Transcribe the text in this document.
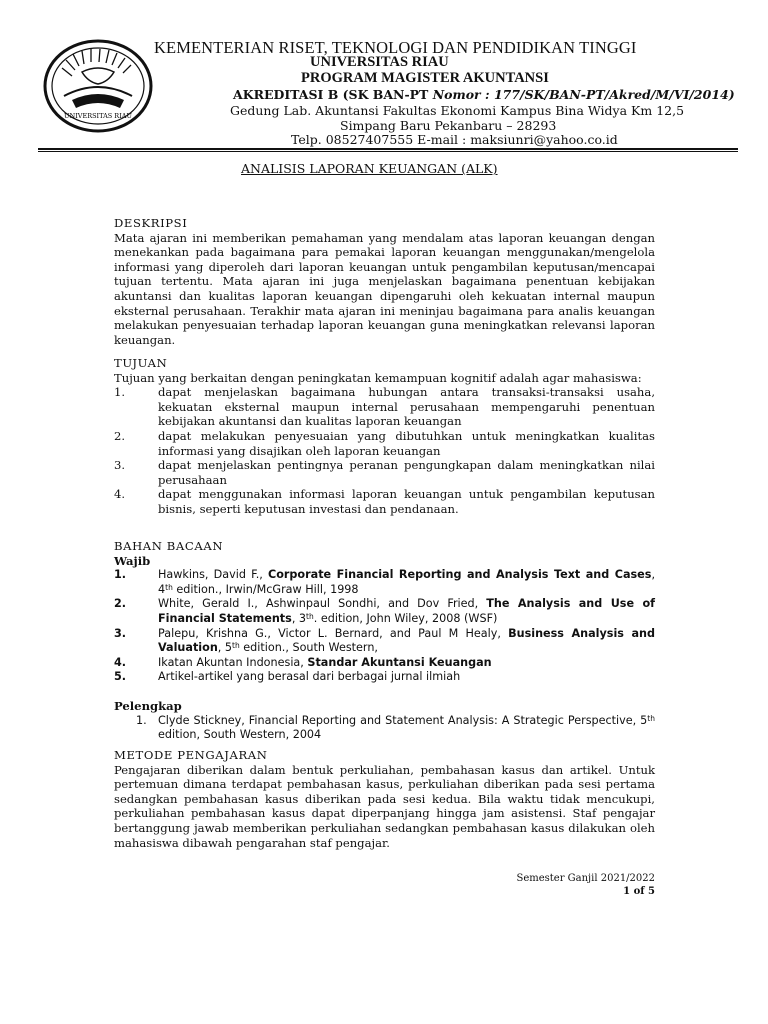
UNIVERSITAS RIAU
KEMENTERIAN RISET, TEKNOLOGI DAN PENDIDIKAN TINGGI
UNIVERSITAS RIAU
PROGRAM MAGISTER AKUNTANSI
AKREDITASI B (SK BAN-PT Nomor : 177/SK/BAN-PT/Akred/M/VI/2014)
Gedung Lab. Akuntansi Fakultas Ekonomi Kampus Bina Widya Km 12,5
Simpang Baru Pekanbaru – 28293
Telp. 08527407555 E-mail : maksiunri@yahoo.co.id
ANALISIS LAPORAN KEUANGAN (ALK)
DESKRIPSI
Mata ajaran ini memberikan pemahaman yang mendalam atas laporan keuangan dengan menekankan pada bagaimana para pemakai laporan keuangan menggunakan/mengelola informasi yang diperoleh dari laporan keuangan untuk pengambilan keputusan/mencapai tujuan tertentu. Mata ajaran ini juga menjelaskan bagaimana penentuan kebijakan akuntansi dan kualitas laporan keuangan dipengaruhi oleh kekuatan internal maupun eksternal perusahaan. Terakhir mata ajaran ini meninjau bagaimana para analis keuangan melakukan penyesuaian terhadap laporan keuangan guna meningkatkan relevansi laporan keuangan.
TUJUAN
Tujuan yang berkaitan dengan peningkatan kemampuan kognitif adalah agar mahasiswa:
1.	dapat menjelaskan bagaimana hubungan antara transaksi-transaksi usaha, kekuatan eksternal maupun internal perusahaan mempengaruhi penentuan kebijakan akuntansi dan kualitas laporan keuangan
2.	dapat melakukan penyesuaian yang dibutuhkan untuk meningkatkan kualitas informasi yang disajikan oleh laporan keuangan
3.	dapat menjelaskan pentingnya peranan pengungkapan dalam meningkatkan nilai perusahaan
4.	dapat menggunakan informasi laporan keuangan untuk pengambilan keputusan bisnis, seperti keputusan investasi dan pendanaan.
BAHAN BACAAN
Wajib
1.	Hawkins, David F., Corporate Financial Reporting and Analysis Text and Cases, 4th edition., Irwin/McGraw Hill, 1998
2.	White, Gerald I., Ashwinpaul Sondhi, and Dov Fried, The Analysis and Use of Financial Statements, 3th. edition, John Wiley, 2008 (WSF)
3.	Palepu, Krishna G., Victor L. Bernard, and Paul M Healy, Business Analysis and Valuation, 5th edition., South Western,
4.	Ikatan Akuntan Indonesia, Standar Akuntansi Keuangan
5.	Artikel-artikel yang berasal dari berbagai jurnal ilmiah
Pelengkap
1. Clyde Stickney, Financial Reporting and Statement Analysis: A Strategic Perspective, 5th edition, South Western, 2004
METODE PENGAJARAN
Pengajaran diberikan dalam bentuk perkuliahan, pembahasan kasus dan artikel. Untuk pertemuan dimana terdapat pembahasan kasus, perkuliahan diberikan pada sesi pertama sedangkan pembahasan kasus diberikan pada sesi kedua. Bila waktu tidak mencukupi, perkuliahan pembahasan kasus dapat diperpanjang hingga jam asistensi. Staf pengajar bertanggung jawab memberikan perkuliahan sedangkan pembahasan kasus dilakukan oleh mahasiswa dibawah pengarahan staf pengajar.
Semester Ganjil 2021/2022
1 of 5
